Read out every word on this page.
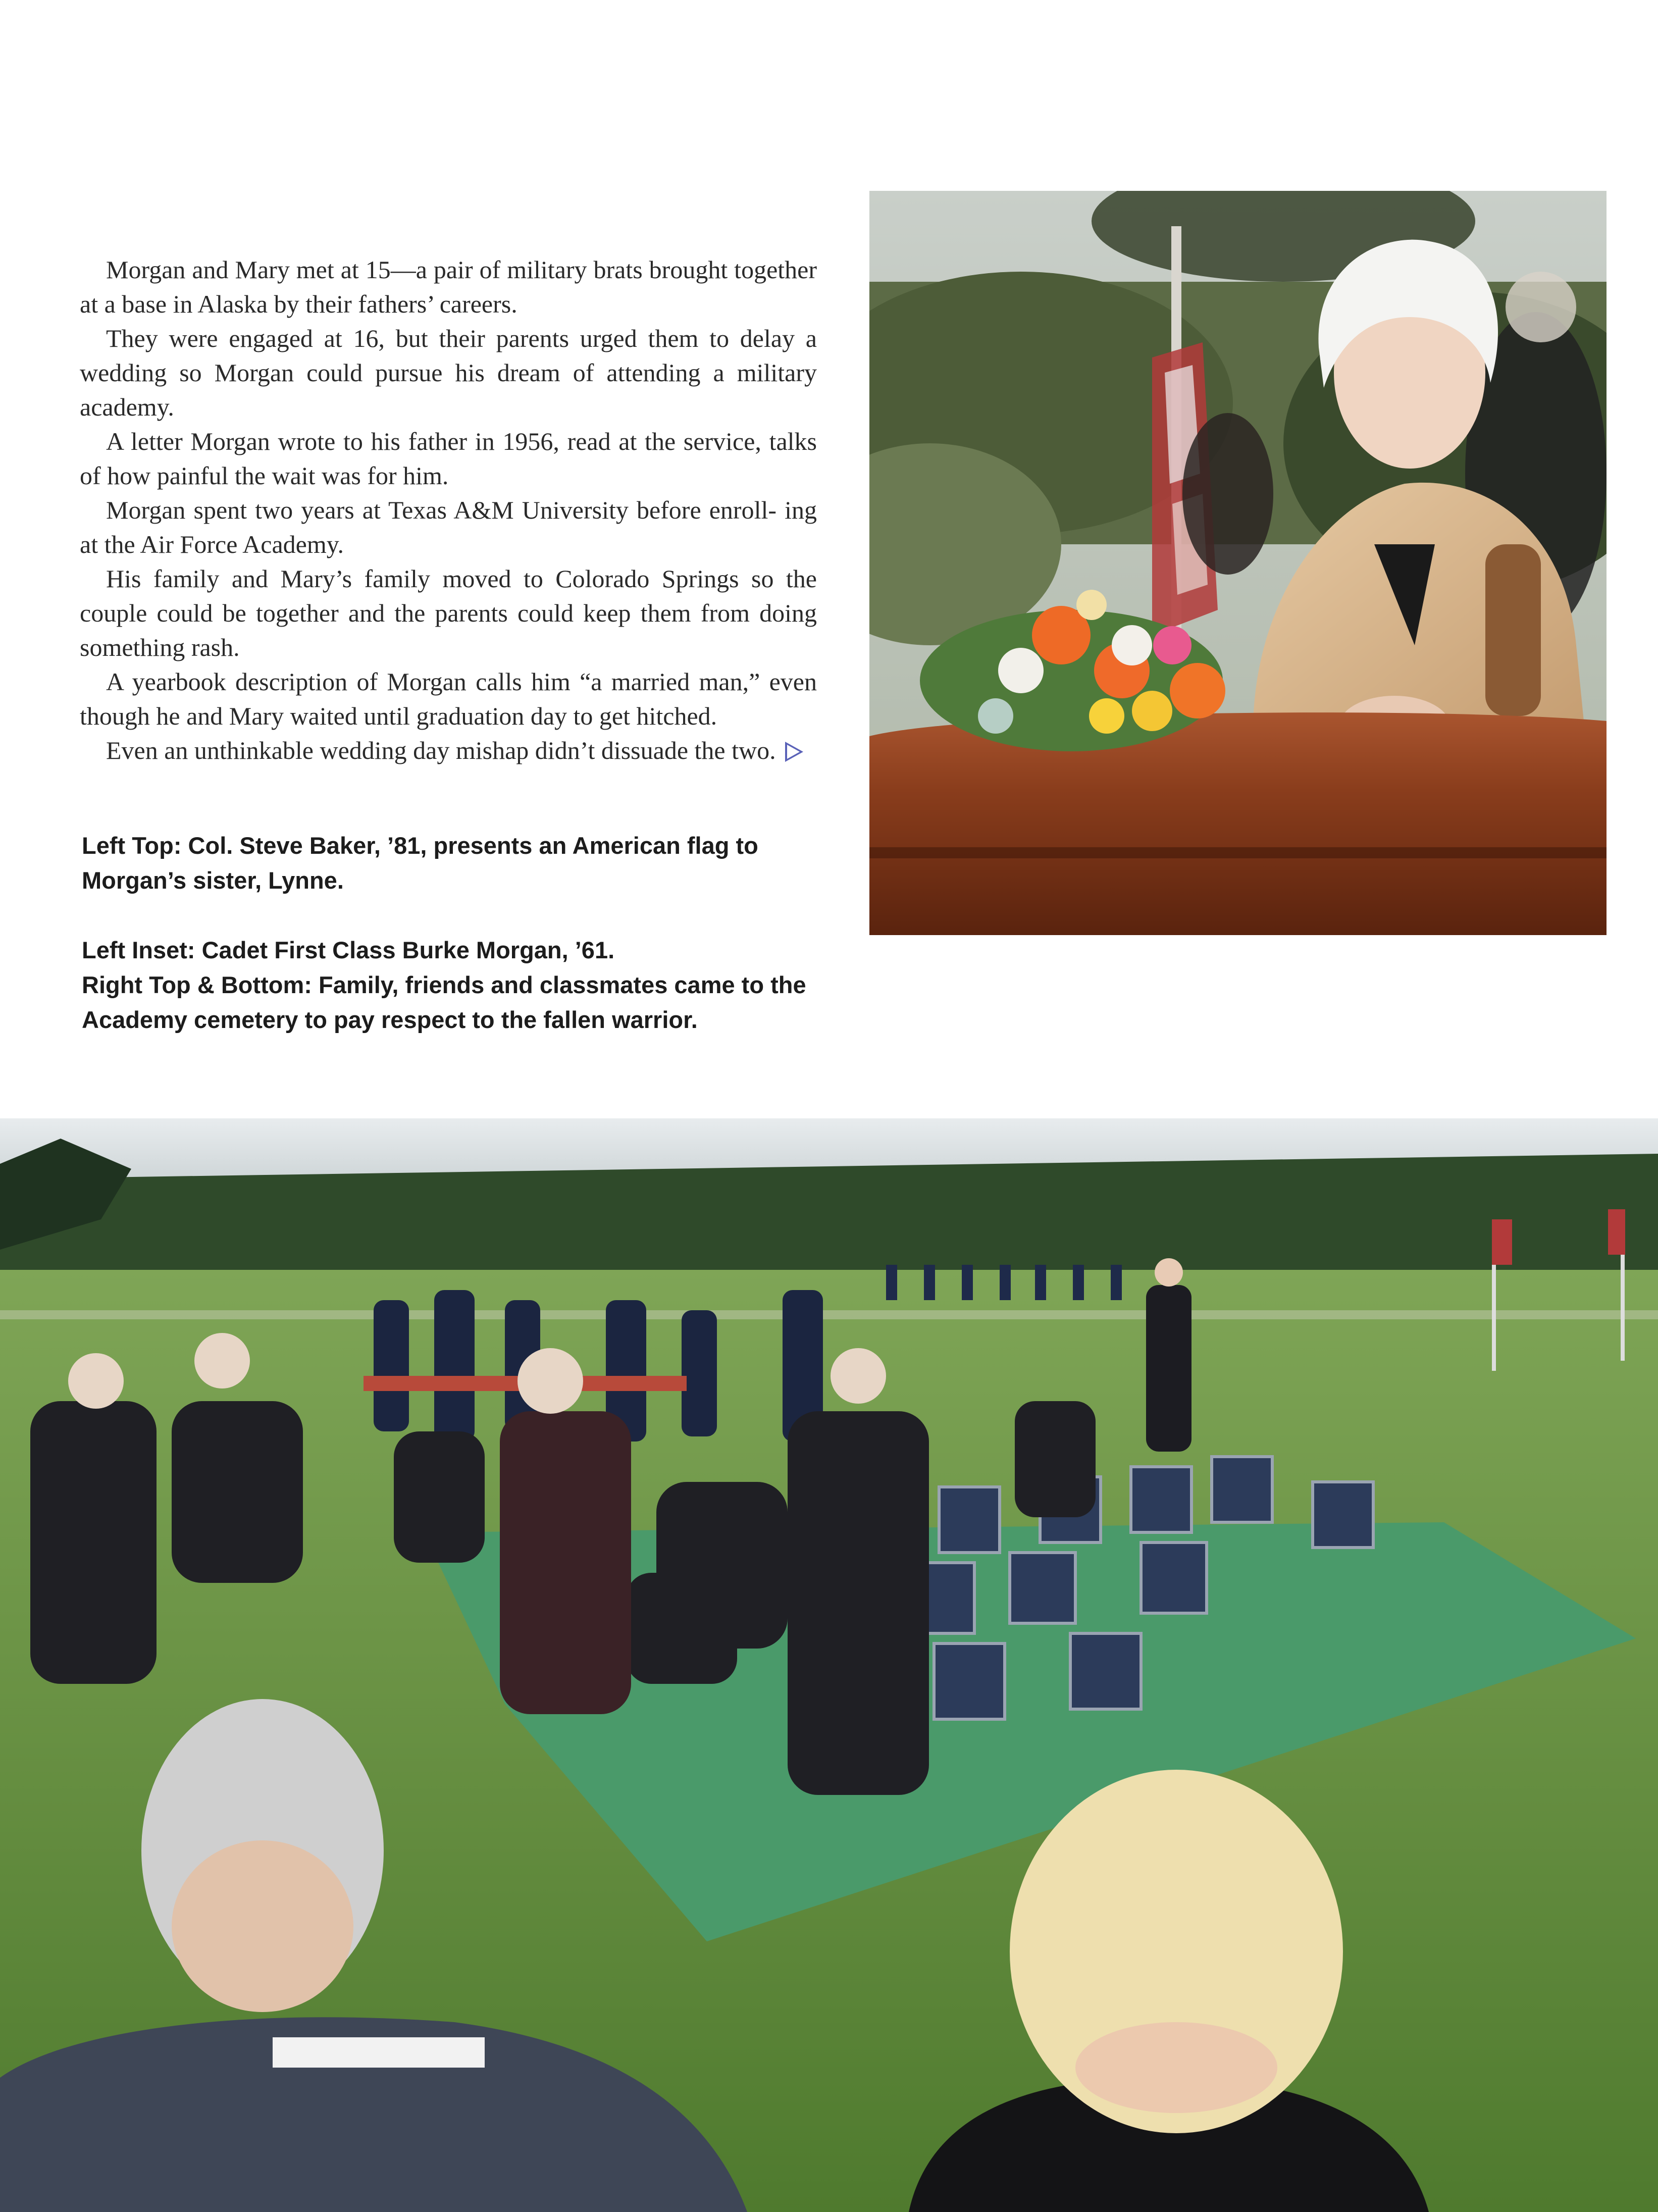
Morgan and Mary met at 15—a pair of military brats brought together at a base in Alaska by their fathers’ careers.

They were engaged at 16, but their parents urged them to delay a wedding so Morgan could pursue his dream of attending a military academy.

A letter Morgan wrote to his father in 1956, read at the service, talks of how painful the wait was for him.

Morgan spent two years at Texas A&M University before enroll- ing at the Air Force Academy.

His family and Mary’s family moved to Colorado Springs so the couple could be together and the parents could keep them from doing something rash.

A yearbook description of Morgan calls him “a married man,” even though he and Mary waited until graduation day to get hitched.

Even an unthinkable wedding day mishap didn’t dissuade the two.

Left Top: Col. Steve Baker, ’81, presents an American flag to Morgan’s sister, Lynne.

Left Inset: Cadet First Class Burke Morgan, ’61.

Right Top & Bottom: Family, friends and classmates came to the Academy cemetery to pay respect to the fallen warrior.
